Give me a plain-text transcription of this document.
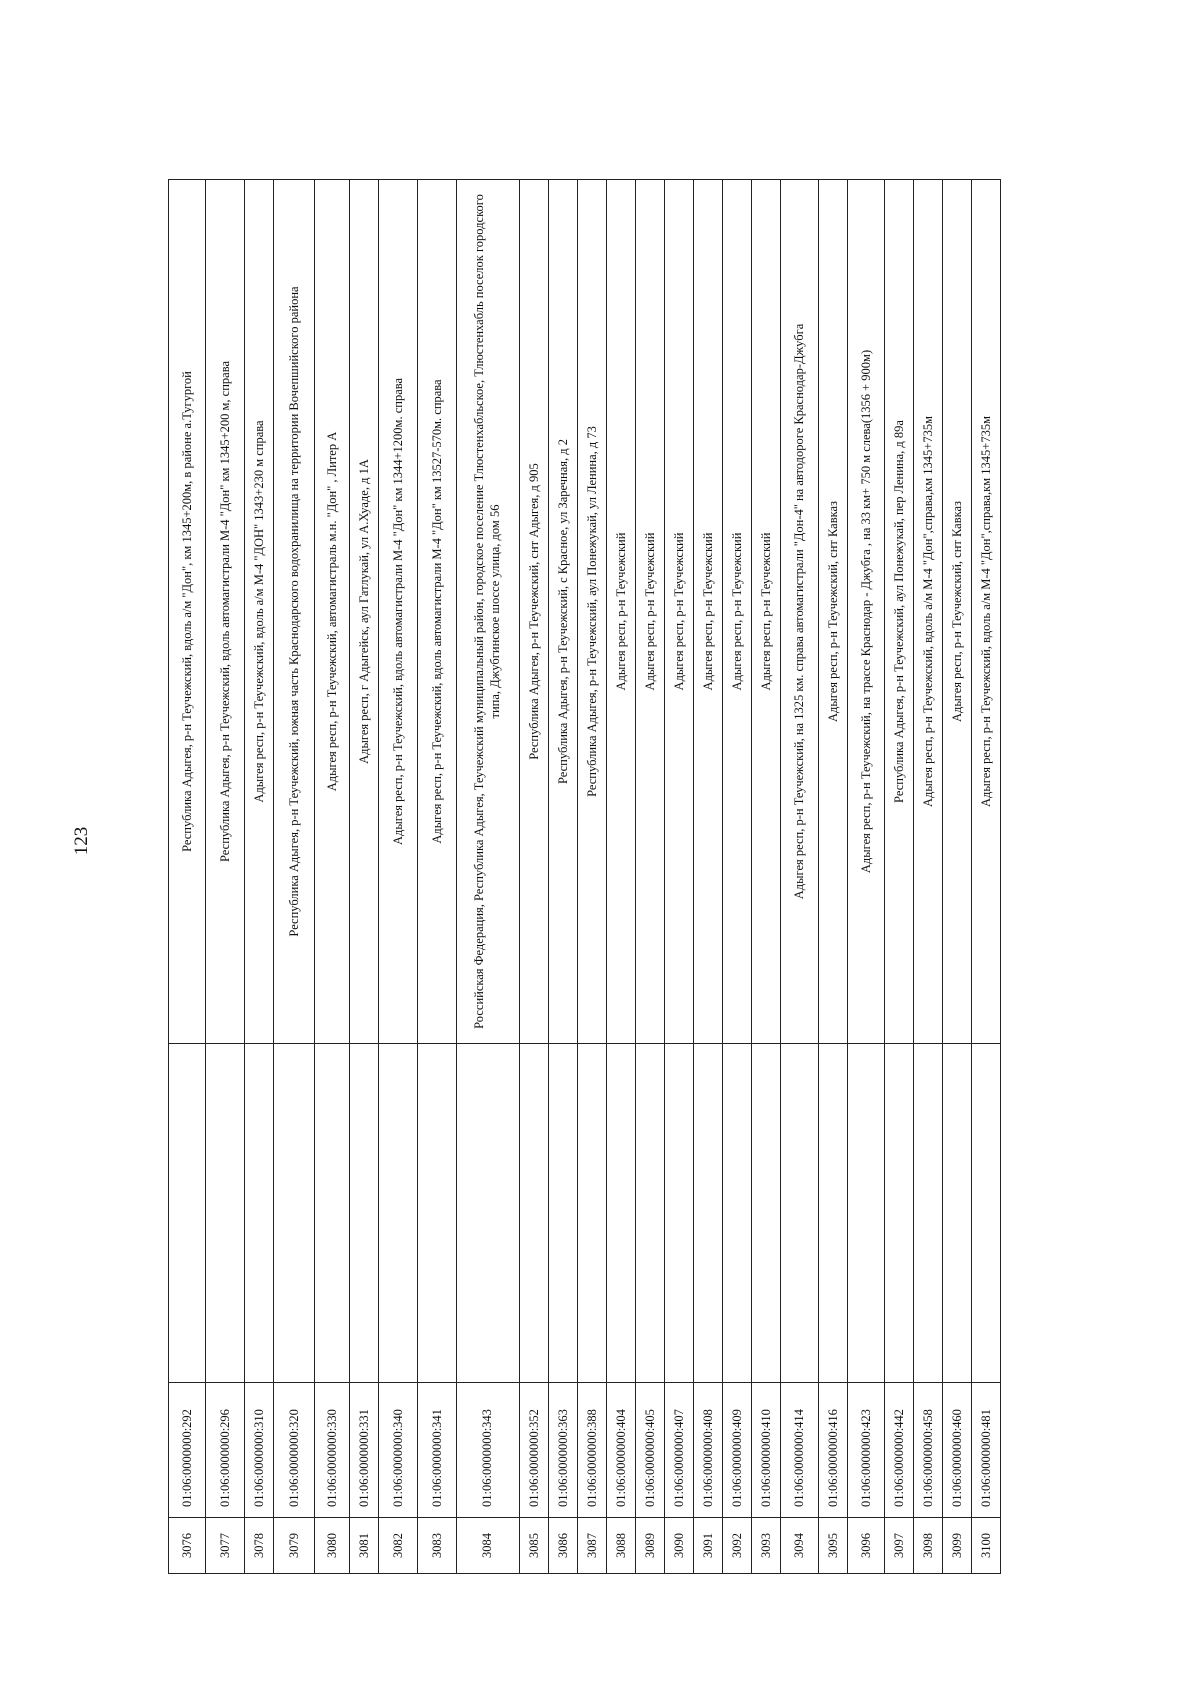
123
3076	01:06:0000000:292		Республика Адыгея, р-н Теучежский, вдоль а/м "Дон", км 1345+200м, в районе а.Тугургой
3077	01:06:0000000:296		Республика Адыгея, р-н Теучежский, вдоль автомагистрали М-4 "Дон" км 1345+200 м, справа
3078	01:06:0000000:310		Адыгея респ, р-н Теучежский, вдоль а/м М-4 "ДОН" 1343+230 м справа
3079	01:06:0000000:320		Республика Адыгея, р-н Теучежский, южная часть Краснодарского водохранилища на территории Вочепшийского района
3080	01:06:0000000:330		Адыгея респ, р-н Теучежский, автомагистраль м.н. "Дон" , Литер А
3081	01:06:0000000:331		Адыгея респ, г Адыгейск, аул Гатлукай, ул А.Хуаде, д 1А
3082	01:06:0000000:340		Адыгея респ, р-н Теучежский, вдоль автомагистрали М-4 "Дон" км 1344+1200м. справа
3083	01:06:0000000:341		Адыгея респ, р-н Теучежский, вдоль автомагистрали М-4 "Дон" км 13527-570м. справа
3084	01:06:0000000:343		Российская Федерация, Республика Адыгея, Теучежский муниципальный район, городское поселение Тлюстенхабльское, Тлюстенхабль поселок городского типа, Джубгинское шоссе улица, дом 56
3085	01:06:0000000:352		Республика Адыгея, р-н Теучежский, снт Адыгея, д 905
3086	01:06:0000000:363		Республика Адыгея, р-н Теучежский, с Красное, ул Заречная, д 2
3087	01:06:0000000:388		Республика Адыгея, р-н Теучежский, аул Понежукай, ул Ленина, д 73
3088	01:06:0000000:404		Адыгея респ, р-н Теучежский
3089	01:06:0000000:405		Адыгея респ, р-н Теучежский
3090	01:06:0000000:407		Адыгея респ, р-н Теучежский
3091	01:06:0000000:408		Адыгея респ, р-н Теучежский
3092	01:06:0000000:409		Адыгея респ, р-н Теучежский
3093	01:06:0000000:410		Адыгея респ, р-н Теучежский
3094	01:06:0000000:414		Адыгея респ, р-н Теучежский, на 1325 км. справа автомагистрали "Дон-4" на автодороге Краснодар-Джубга
3095	01:06:0000000:416		Адыгея респ, р-н Теучежский, снт Кавказ
3096	01:06:0000000:423		Адыгея респ, р-н Теучежский, на трассе Краснодар - Джубга , на 33 км+ 750 м слева(1356 + 900м)
3097	01:06:0000000:442		Республика Адыгея, р-н Теучежский, аул Понежукай, пер Ленина, д 89а
3098	01:06:0000000:458		Адыгея респ, р-н Теучежский, вдоль а/м М-4 "Дон",справа,км 1345+735м
3099	01:06:0000000:460		Адыгея респ, р-н Теучежский, снт Кавказ
3100	01:06:0000000:481		Адыгея респ, р-н Теучежский, вдоль а/м М-4 "Дон",справа,км 1345+735м
